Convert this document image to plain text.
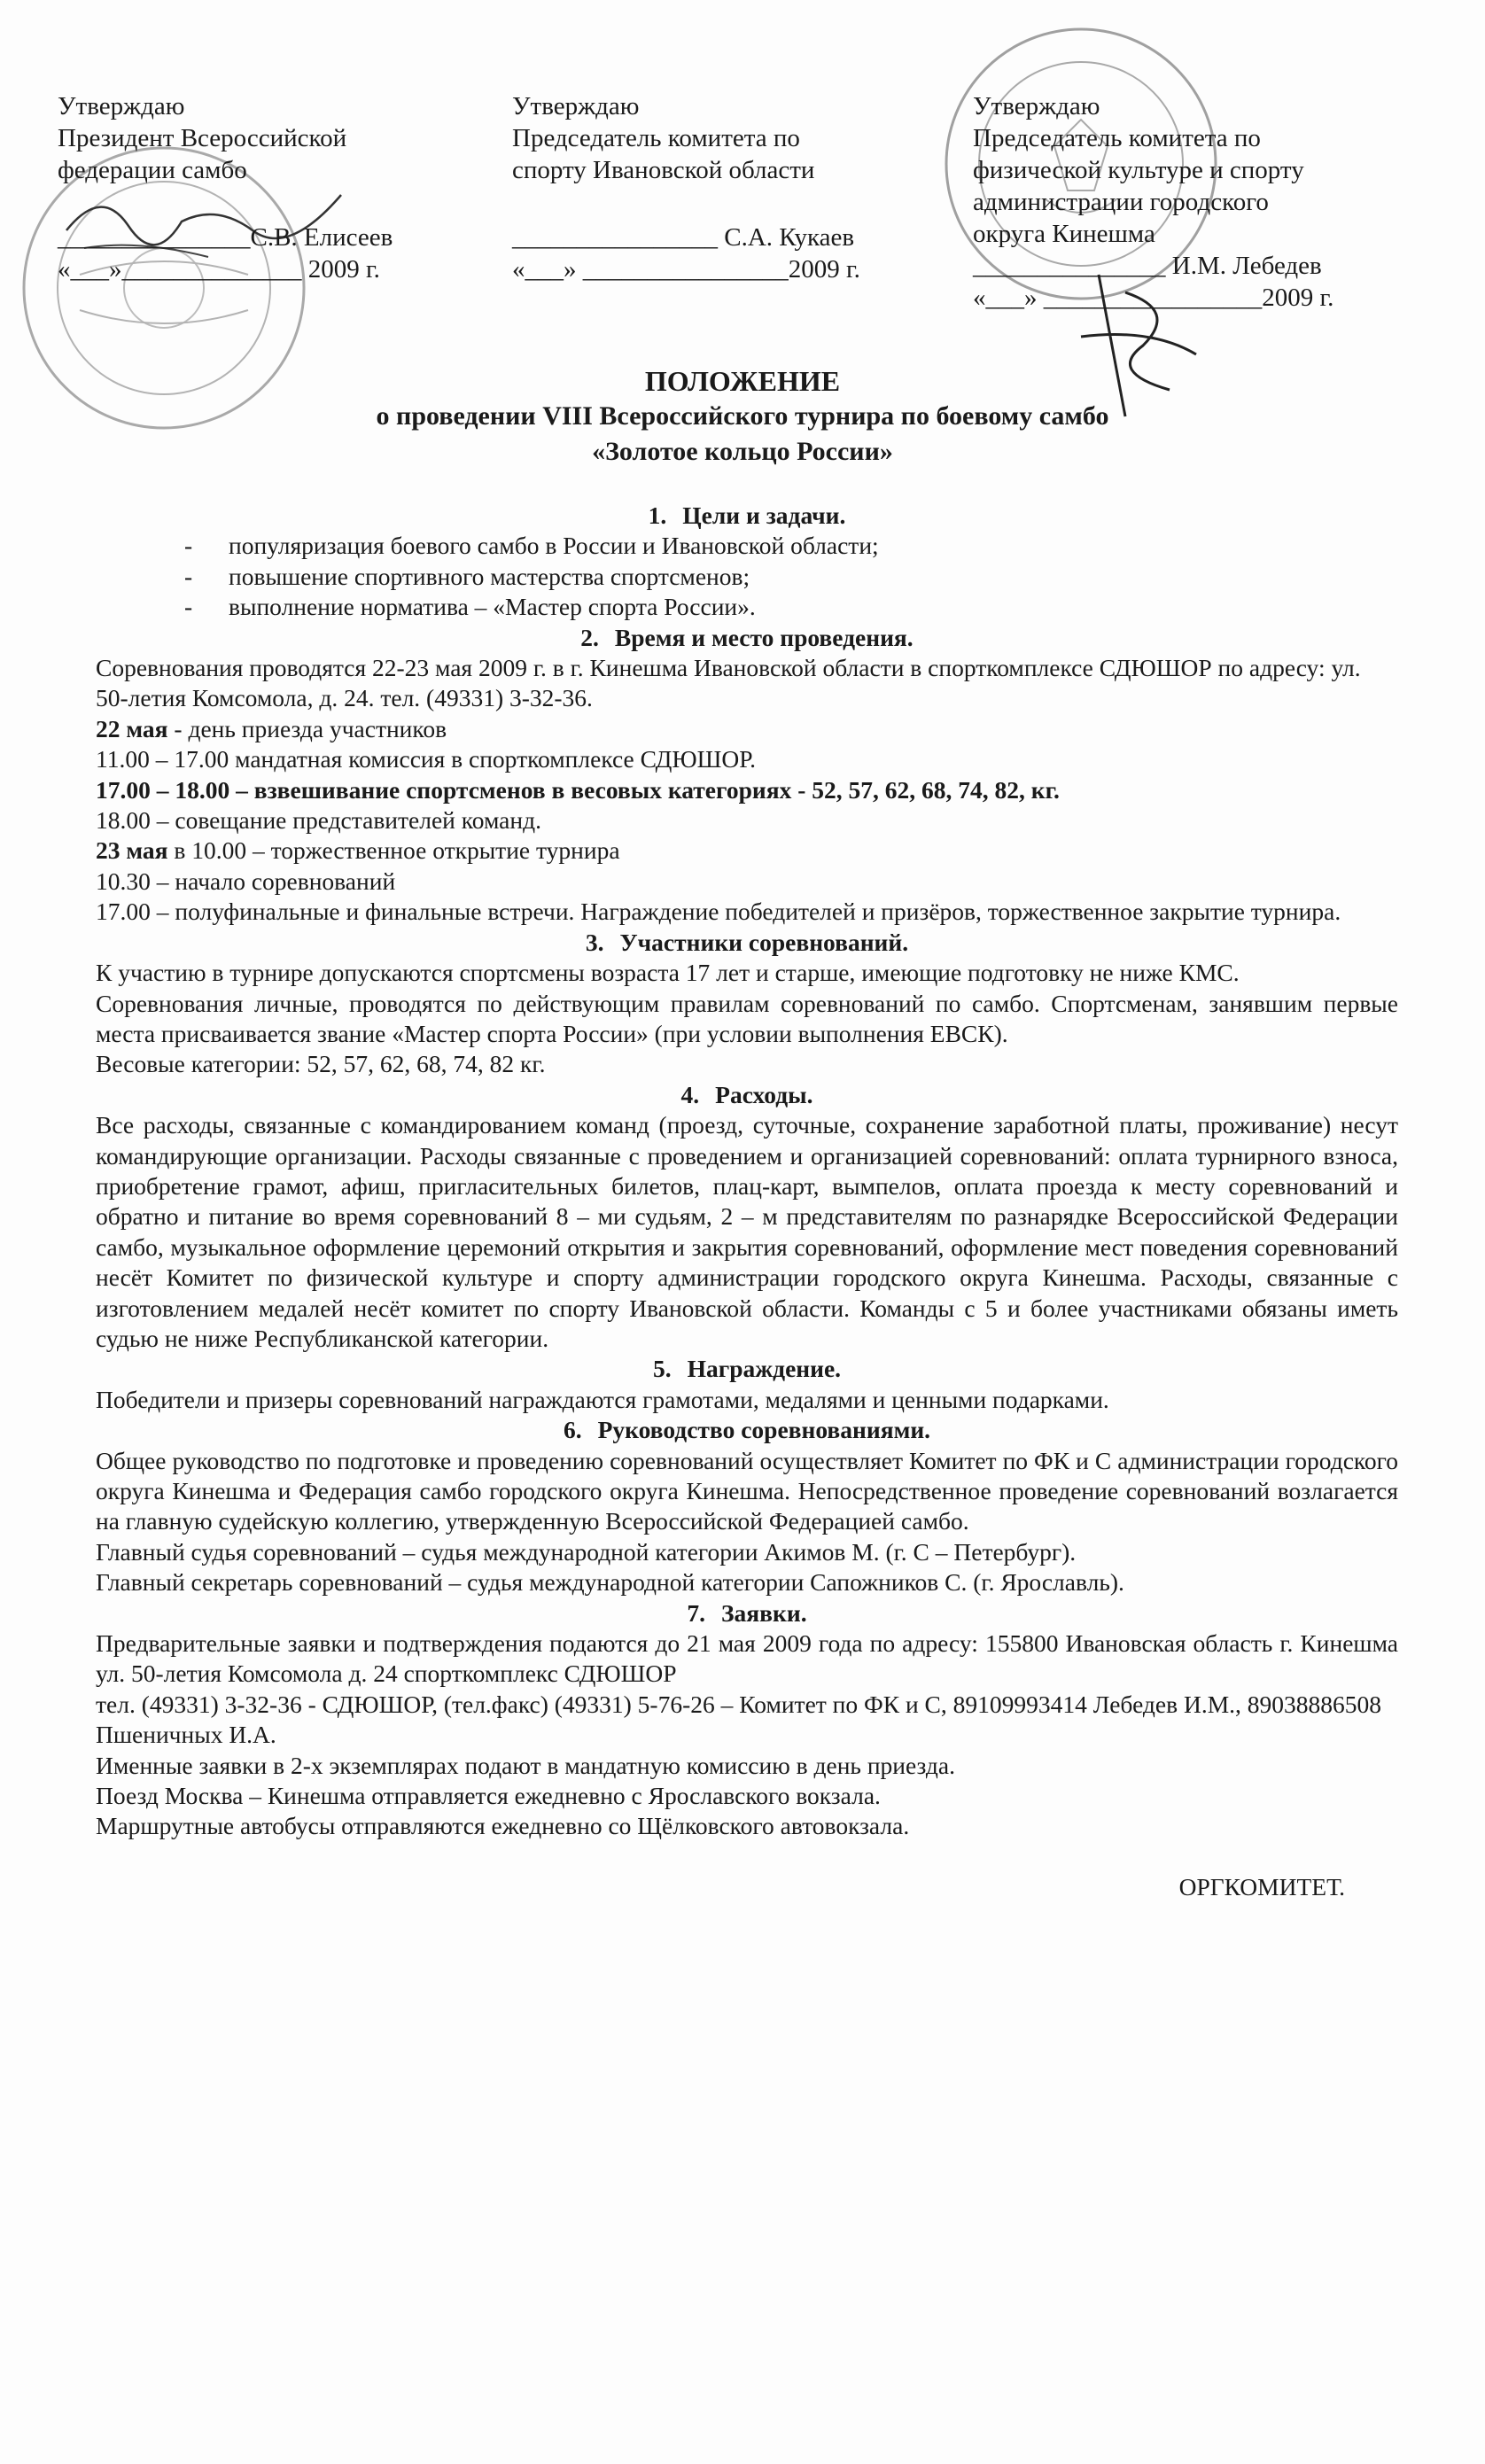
Утверждаю
Президент Всероссийской
федерации самбо
_______________С.В. Елисеев
«___»______________ 2009 г.
Утверждаю
Председатель комитета по
спорту Ивановской области
________________ С.А. Кукаев
«___» ________________2009 г.
Утверждаю
Председатель комитета по
физической культуре и спорту
администрации городского
округа Кинешма
_______________ И.М. Лебедев
«___» _________________2009 г.
ПОЛОЖЕНИЕ
о проведении VIII Всероссийского турнира по боевому самбо
«Золотое кольцо России»
1. Цели и задачи.
-	популяризация боевого самбо в России и Ивановской области;
-	повышение спортивного мастерства спортсменов;
-	выполнение норматива – «Мастер спорта России».
2. Время и место проведения.
Соревнования проводятся 22-23 мая 2009 г. в г. Кинешма Ивановской области в спорткомплексе СДЮШОР по адресу: ул. 50-летия Комсомола, д. 24. тел. (49331) 3-32-36.
22 мая - день приезда участников
11.00 – 17.00 мандатная комиссия в спорткомплексе СДЮШОР.
17.00 – 18.00 – взвешивание спортсменов в весовых категориях - 52, 57, 62, 68, 74, 82, кг.
18.00 – совещание представителей команд.
23 мая в 10.00 – торжественное открытие турнира
10.30 – начало соревнований
17.00 – полуфинальные и финальные встречи. Награждение победителей и призёров, торжественное закрытие турнира.
3. Участники соревнований.
К участию в турнире допускаются спортсмены возраста 17 лет и старше, имеющие подготовку не ниже КМС.
Соревнования личные, проводятся по действующим правилам соревнований по самбо. Спортсменам, занявшим первые места присваивается звание «Мастер спорта России» (при условии выполнения ЕВСК).
Весовые категории: 52, 57, 62, 68, 74, 82 кг.
4. Расходы.
Все расходы, связанные с командированием команд (проезд, суточные, сохранение заработной платы, проживание) несут командирующие организации. Расходы связанные с проведением и организацией соревнований: оплата турнирного взноса, приобретение грамот, афиш, пригласительных билетов, плац-карт, вымпелов, оплата проезда к месту соревнований и обратно и питание во время соревнований 8 – ми судьям, 2 – м представителям по разнарядке Всероссийской Федерации самбо, музыкальное оформление церемоний открытия и закрытия соревнований, оформление мест поведения соревнований несёт Комитет по физической культуре и спорту администрации городского округа Кинешма. Расходы, связанные с изготовлением медалей несёт комитет по спорту Ивановской области. Команды с 5 и более участниками обязаны иметь судью не ниже Республиканской категории.
5. Награждение.
Победители и призеры соревнований награждаются грамотами, медалями и ценными подарками.
6. Руководство соревнованиями.
Общее руководство по подготовке и проведению соревнований осуществляет Комитет по ФК и С администрации городского округа Кинешма и Федерация самбо городского округа Кинешма. Непосредственное проведение соревнований возлагается на главную судейскую коллегию, утвержденную Всероссийской Федерацией самбо.
Главный судья соревнований – судья международной категории Акимов М. (г. С – Петербург).
Главный секретарь соревнований – судья международной категории Сапожников С. (г. Ярославль).
7. Заявки.
Предварительные заявки и подтверждения подаются до 21 мая 2009 года по адресу: 155800 Ивановская область г. Кинешма ул. 50-летия Комсомола д. 24 спорткомплекс СДЮШОР
тел. (49331) 3-32-36 - СДЮШОР, (тел.факс) (49331) 5-76-26 – Комитет по ФК и С, 89109993414 Лебедев И.М., 89038886508 Пшеничных И.А.
Именные заявки в 2-х экземплярах подают в мандатную комиссию в день приезда.
Поезд Москва – Кинешма отправляется ежедневно с Ярославского вокзала.
Маршрутные автобусы отправляются ежедневно со Щёлковского автовокзала.
ОРГКОМИТЕТ.
